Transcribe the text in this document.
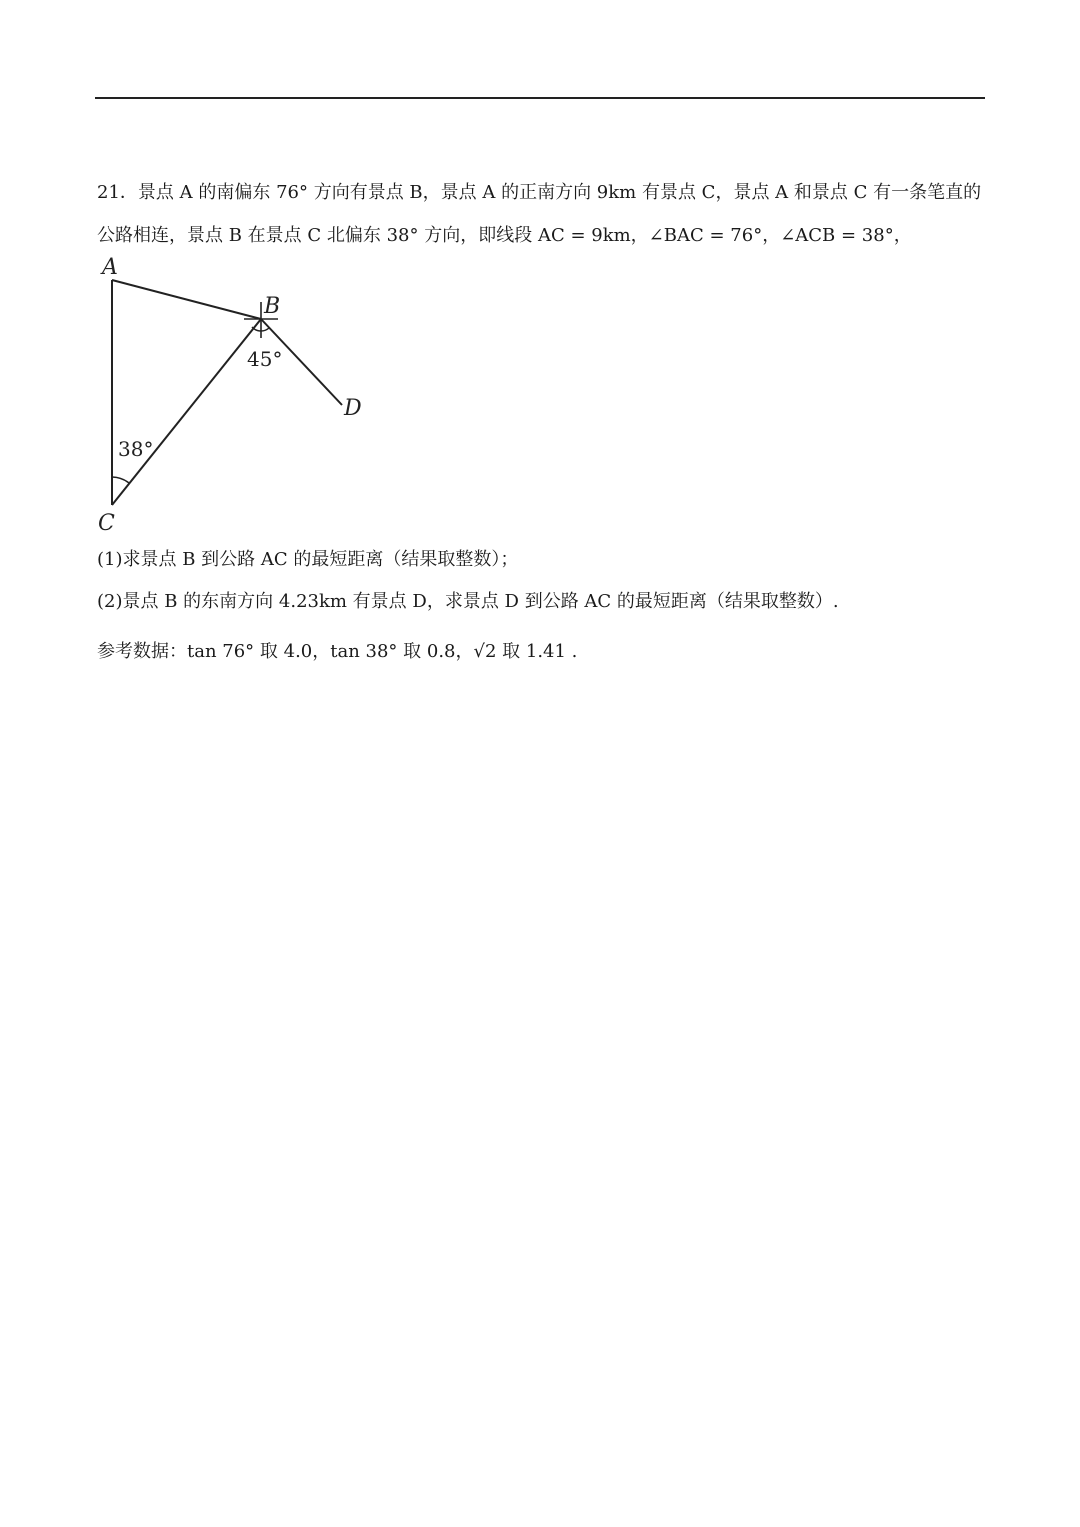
21．景点 A 的南偏东 76° 方向有景点 B，景点 A 的正南方向 9km 有景点 C，景点 A 和景点 C 有一条笔直的
公路相连，景点 B 在景点 C 北偏东 38° 方向，即线段 AC = 9km，∠BAC = 76°，∠ACB = 38°，
A
B
C
D
45°
38°
(1)求景点 B 到公路 AC 的最短距离（结果取整数）；
(2)景点 B 的东南方向 4.23km 有景点 D，求景点 D 到公路 AC 的最短距离（结果取整数）.
参考数据：tan 76° 取 4.0，tan 38° 取 0.8，√2 取 1.41 .
